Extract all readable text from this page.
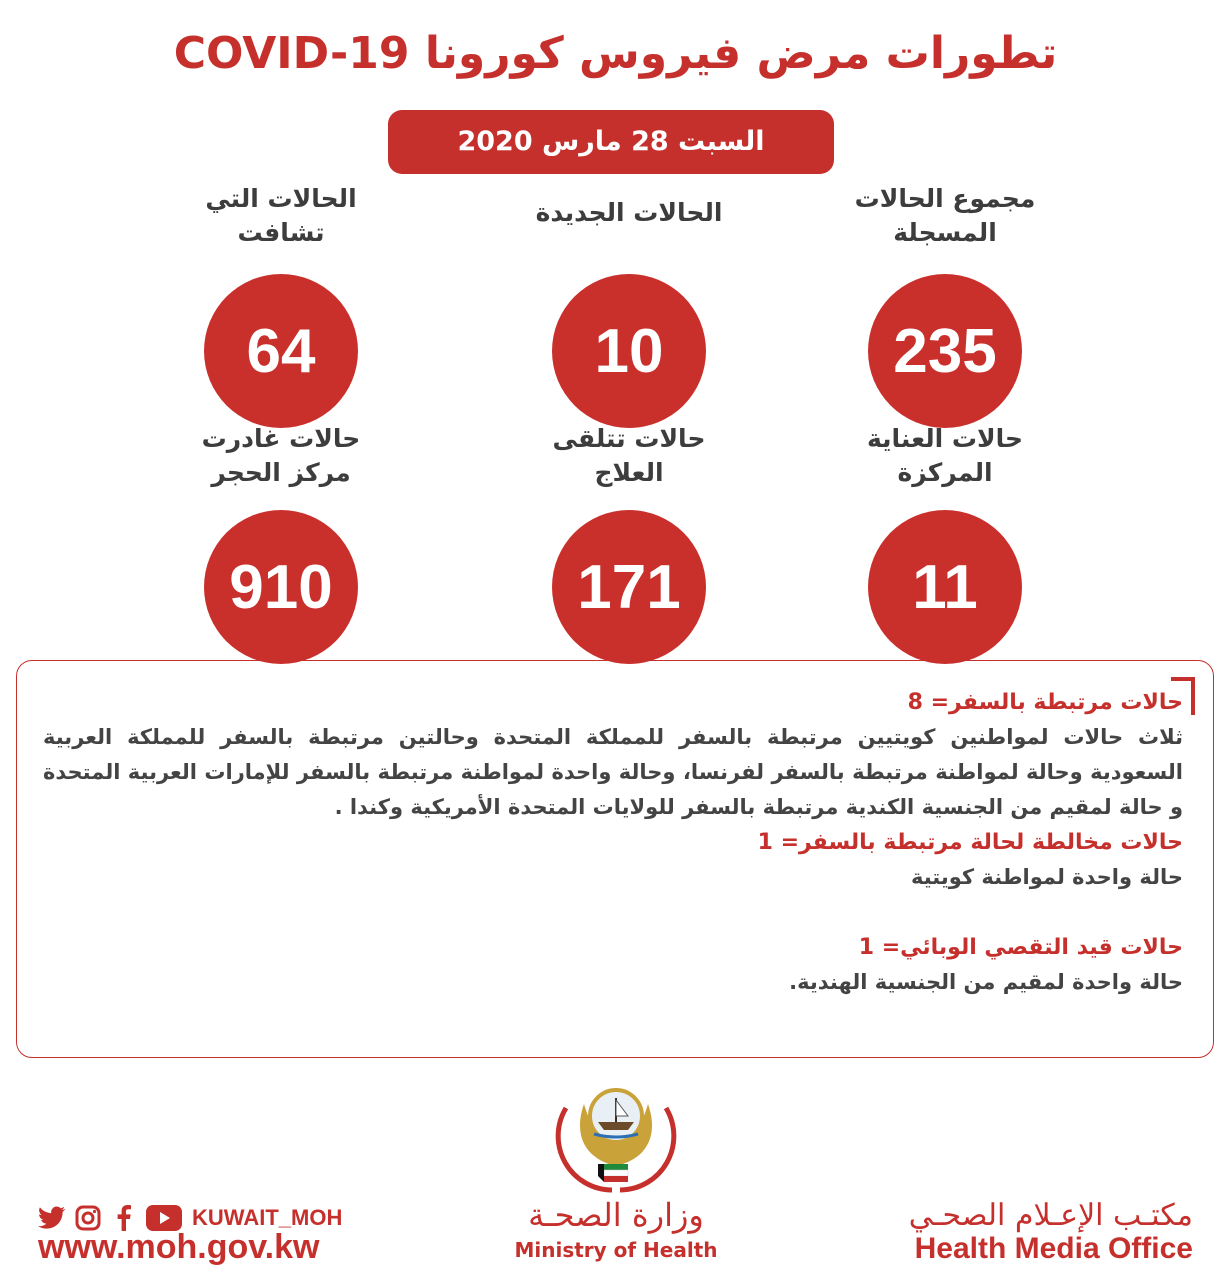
تطورات مرض فيروس كورونا COVID-19
السبت 28 مارس 2020
مجموع الحالات
المسجلة
235
الحالات الجديدة
10
الحالات التي
تشافت
64
حالات العناية
المركزة
11
حالات تتلقى
العلاج
171
حالات غادرت
مركز الحجر
910
حالات مرتبطة بالسفر= 8
ثلاث حالات لمواطنين كويتيين مرتبطة بالسفر للمملكة المتحدة وحالتين مرتبطة بالسفر للمملكة العربية السعودية وحالة لمواطنة مرتبطة بالسفر لفرنسا، وحالة واحدة لمواطنة مرتبطة بالسفر للإمارات العربية المتحدة و حالة لمقيم من الجنسية الكندية مرتبطة بالسفر للولايات المتحدة الأمريكية وكندا .
حالات مخالطة لحالة مرتبطة بالسفر= 1
حالة واحدة لمواطنة كويتية
حالات قيد التقصي الوبائي= 1
حالة واحدة لمقيم من الجنسية الهندية.
وزارة الصحـة
Ministry of Health
KUWAIT_MOH
www.moh.gov.kw
مكتـب الإعـلام الصحـي
Health Media Office
